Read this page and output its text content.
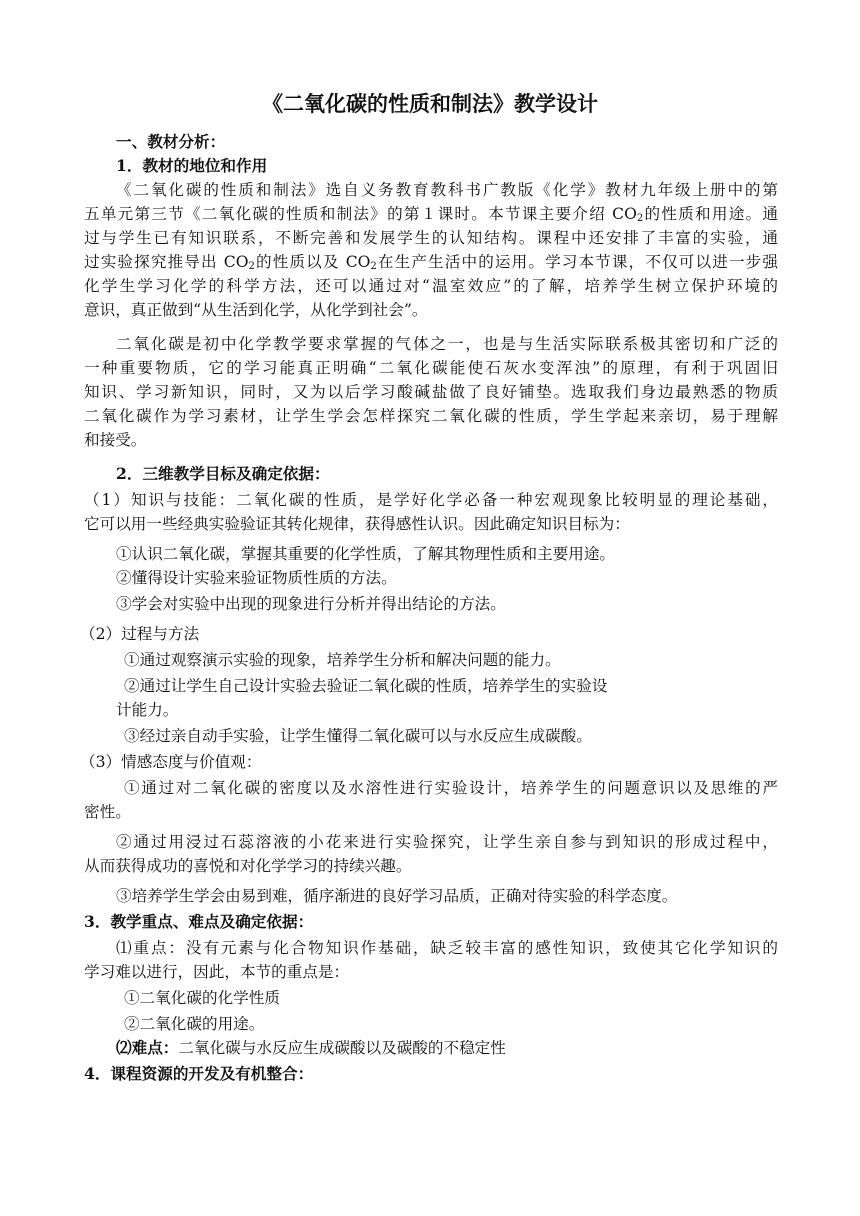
《二氧化碳的性质和制法》教学设计

一、教材分析：

1．教材的地位和作用

《二氧化碳的性质和制法》选自义务教育教科书广教版《化学》教材九年级上册中的第

五单元第三节《二氧化碳的性质和制法》的第１课时。本节课主要介绍 $CO_2$的性质和用途。通

过与学生已有知识联系，不断完善和发展学生的认知结构。课程中还安排了丰富的实验，通

过实验探究推导出 $CO_2$的性质以及 $CO_2$在生产生活中的运用。学习本节课，不仅可以进一步强

化学生学习化学的科学方法，还可以通过对“温室效应”的了解，培养学生树立保护环境的

意识，真正做到“从生活到化学，从化学到社会”。

二氧化碳是初中化学教学要求掌握的气体之一，也是与生活实际联系极其密切和广泛的

一种重要物质，它的学习能真正明确“二氧化碳能使石灰水变浑浊”的原理，有利于巩固旧

知识、学习新知识，同时，又为以后学习酸碱盐做了良好铺垫。选取我们身边最熟悉的物质

二氧化碳作为学习素材，让学生学会怎样探究二氧化碳的性质，学生学起来亲切，易于理解

和接受。

2．三维教学目标及确定依据：

（1）知识与技能：二氧化碳的性质，是学好化学必备一种宏观现象比较明显的理论基础，

它可以用一些经典实验验证其转化规律，获得感性认识。因此确定知识目标为：

①认识二氧化碳，掌握其重要的化学性质，了解其物理性质和主要用途。

②懂得设计实验来验证物质性质的方法。

③学会对实验中出现的现象进行分析并得出结论的方法。

（2）过程与方法

①通过观察演示实验的现象，培养学生分析和解决问题的能力。

②通过让学生自己设计实验去验证二氧化碳的性质，培养学生的实验设

计能力。

③经过亲自动手实验，让学生懂得二氧化碳可以与水反应生成碳酸。

（3）情感态度与价值观：

①通过对二氧化碳的密度以及水溶性进行实验设计，培养学生的问题意识以及思维的严

密性。

②通过用浸过石蕊溶液的小花来进行实验探究，让学生亲自参与到知识的形成过程中，

从而获得成功的喜悦和对化学学习的持续兴趣。

③培养学生学会由易到难，循序渐进的良好学习品质，正确对待实验的科学态度。

3．教学重点、难点及确定依据：

⑴重点：没有元素与化合物知识作基础，缺乏较丰富的感性知识，致使其它化学知识的

学习难以进行，因此，本节的重点是：

①二氧化碳的化学性质

②二氧化碳的用途。

⑵难点：二氧化碳与水反应生成碳酸以及碳酸的不稳定性

4．课程资源的开发及有机整合：
